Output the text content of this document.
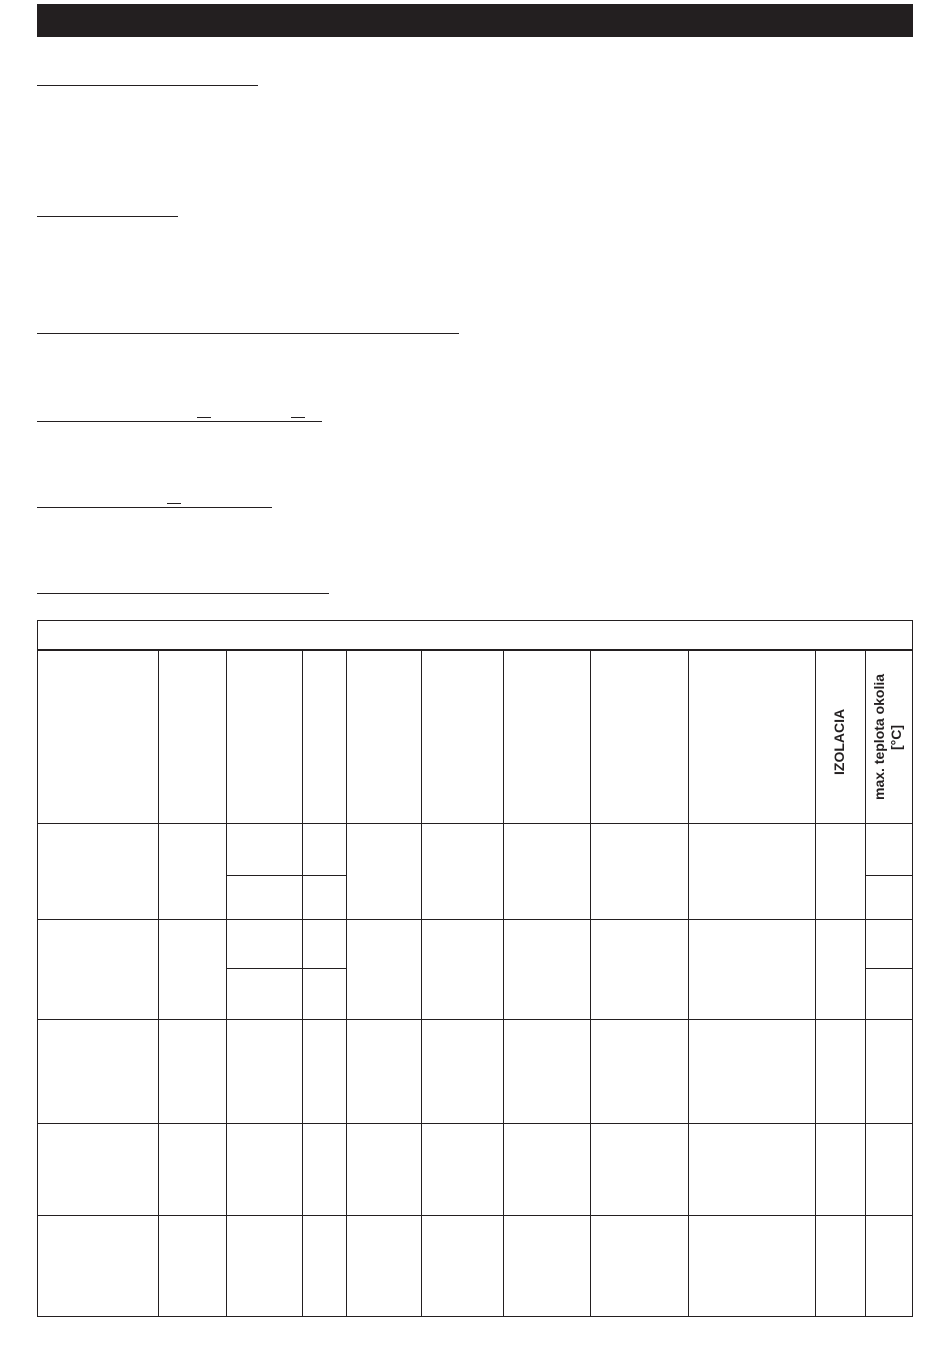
IZOLACIA max. teplota okolia
[°C]
